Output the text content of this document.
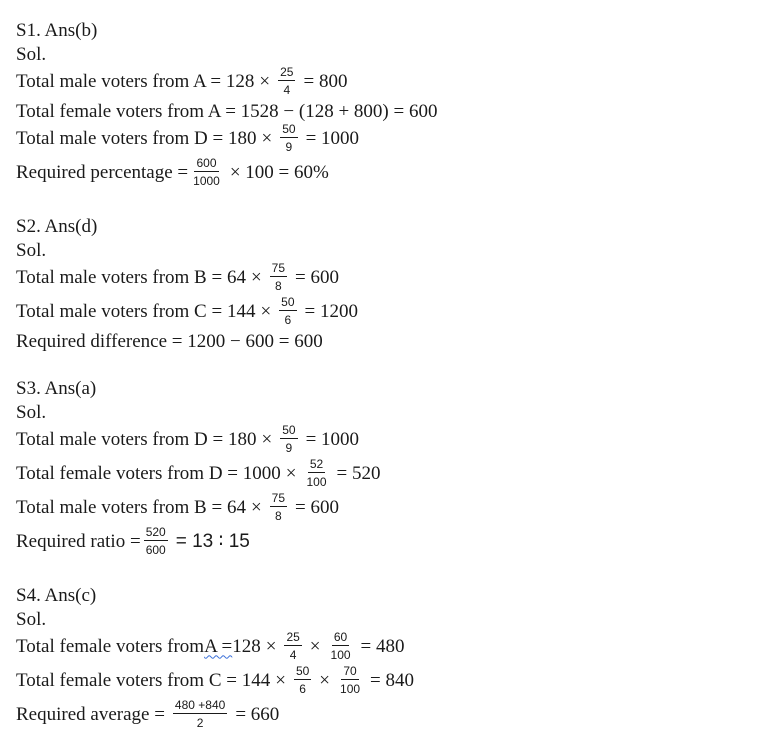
S1. Ans(b)
Sol.
Total male voters from $A = 128 \times \frac{25}{4} = 800$
Total female voters from A = 1528 − (128 + 800) = 600
Total male voters from $D = 180 \times \frac{50}{9} = 1000$
Required percentage = $\frac{600}{1000} \times 100 = 60\%$
S2. Ans(d)
Sol.
Total male voters from $B = 64 \times \frac{75}{8} = 600$
Total male voters from $C = 144 \times \frac{50}{6} = 1200$
Required difference = 1200 − 600 = 600
S3. Ans(a)
Sol.
Total male voters from $D = 180 \times \frac{50}{9} = 1000$
Total female voters from $D = 1000 \times \frac{52}{100} = 520$
Total male voters from $B = 64 \times \frac{75}{8} = 600$
Required ratio = $\frac{520}{600} = 13$ ∶ 15
S4. Ans(c)
Sol.
Total female voters from $A = 128 \times \frac{25}{4} \times \frac{60}{100} = 480$
Total female voters from $C = 144 \times \frac{50}{6} \times \frac{70}{100} = 840$
Required average = $\frac{480 +840}{2} = 660$
